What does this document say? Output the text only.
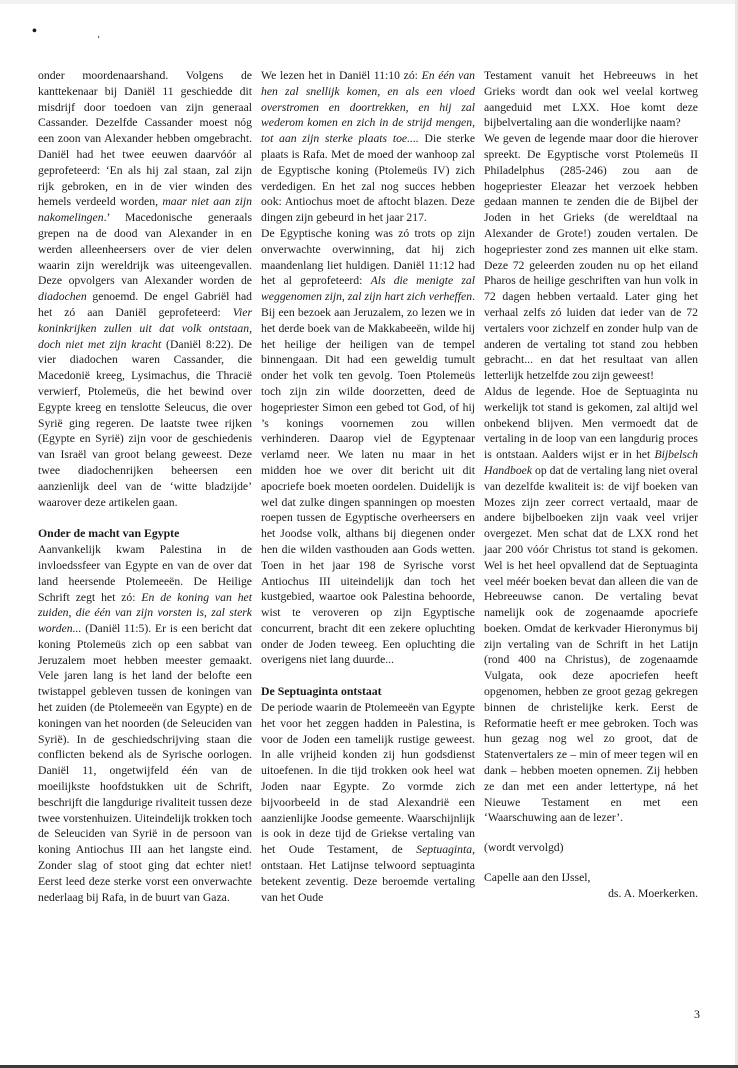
• ˌ

onder moordenaarshand. Volgens de kanttekenaar bij Daniël 11 geschiedde dit misdrijf door toedoen van zijn generaal Cassander. Dezelfde Cassander moest nóg een zoon van Alexander hebben omgebracht. Daniël had het twee eeuwen daarvóór al geprofeteerd: ‘En als hij zal staan, zal zijn rijk gebroken, en in de vier winden des hemels verdeeld worden, maar niet aan zijn nakomelingen.’ Macedonische generaals grepen na de dood van Alexander in en werden alleenheersers over de vier delen waarin zijn wereldrijk was uiteengevallen. Deze opvolgers van Alexander worden de diadochen genoemd. De engel Gabriël had het zó aan Daniël geprofeteerd: Vier koninkrijken zullen uit dat volk ontstaan, doch niet met zijn kracht (Daniël 8:22). De vier diadochen waren Cassander, die Macedonië kreeg, Lysimachus, die Thracië verwierf, Ptolemeüs, die het bewind over Egypte kreeg en tenslotte Seleucus, die over Syrië ging regeren. De laatste twee rijken (Egypte en Syrië) zijn voor de geschiedenis van Israël van groot belang geweest. Deze twee diadochenrijken beheersen een aanzienlijk deel van de ‘witte bladzijde’ waarover deze artikelen gaan.

Onder de macht van Egypte

Aanvankelijk kwam Palestina in de invloedssfeer van Egypte en van de over dat land heersende Ptolemeeën. De Heilige Schrift zegt het zó: En de koning van het zuiden, die één van zijn vorsten is, zal sterk worden... (Daniël 11:5). Er is een bericht dat koning Ptolemeüs zich op een sabbat van Jeruzalem moet hebben meester gemaakt. Vele jaren lang is het land der belofte een twistappel gebleven tussen de koningen van het zuiden (de Ptolemeeën van Egypte) en de koningen van het noorden (de Seleuciden van Syrië). In de geschiedschrijving staan die conflicten bekend als de Syrische oorlogen. Daniël 11, ongetwijfeld één van de moeilijkste hoofdstukken uit de Schrift, beschrijft die langdurige rivaliteit tussen deze twee vorstenhuizen. Uiteindelijk trokken toch de Seleuciden van Syrië in de persoon van koning Antiochus III aan het langste eind. Zonder slag of stoot ging dat echter niet! Eerst leed deze sterke vorst een onverwachte nederlaag bij Rafa, in de buurt van Gaza.

We lezen het in Daniël 11:10 zó: En één van hen zal snellijk komen, en als een vloed overstromen en doortrekken, en hij zal wederom komen en zich in de strijd mengen, tot aan zijn sterke plaats toe.... Die sterke plaats is Rafa. Met de moed der wanhoop zal de Egyptische koning (Ptolemeüs IV) zich verdedigen. En het zal nog succes hebben ook: Antiochus moet de aftocht blazen. Deze dingen zijn gebeurd in het jaar 217.

De Egyptische koning was zó trots op zijn onverwachte overwinning, dat hij zich maandenlang liet huldigen. Daniël 11:12 had het al geprofeteerd: Als die menigte zal weggenomen zijn, zal zijn hart zich verheffen. Bij een bezoek aan Jeruzalem, zo lezen we in het derde boek van de Makkabeeën, wilde hij het heilige der heiligen van de tempel binnengaan. Dit had een geweldig tumult onder het volk ten gevolg. Toen Ptolemeüs toch zijn zin wilde doorzetten, deed de hogepriester Simon een gebed tot God, of hij ’s konings voornemen zou willen verhinderen. Daarop viel de Egyptenaar verlamd neer. We laten nu maar in het midden hoe we over dit bericht uit dit apocriefe boek moeten oordelen. Duidelijk is wel dat zulke dingen spanningen op moesten roepen tussen de Egyptische overheersers en het Joodse volk, althans bij diegenen onder hen die wilden vasthouden aan Gods wetten. Toen in het jaar 198 de Syrische vorst Antiochus III uiteindelijk dan toch het kustgebied, waartoe ook Palestina behoorde, wist te veroveren op zijn Egyptische concurrent, bracht dit een zekere opluchting onder de Joden teweeg. Een opluchting die overigens niet lang duurde...

De Septuaginta ontstaat

De periode waarin de Ptolemeeën van Egypte het voor het zeggen hadden in Palestina, is voor de Joden een tamelijk rustige geweest. In alle vrijheid konden zij hun godsdienst uitoefenen. In die tijd trokken ook heel wat Joden naar Egypte. Zo vormde zich bijvoorbeeld in de stad Alexandrië een aanzienlijke Joodse gemeente. Waarschijnlijk is ook in deze tijd de Griekse vertaling van het Oude Testament, de Septuaginta, ontstaan. Het Latijnse telwoord septuaginta betekent zeventig. Deze beroemde vertaling van het Oude

Testament vanuit het Hebreeuws in het Grieks wordt dan ook wel veelal kortweg aangeduid met LXX. Hoe komt deze bijbelvertaling aan die wonderlijke naam?

We geven de legende maar door die hierover spreekt. De Egyptische vorst Ptolemeüs II Philadelphus (285-246) zou aan de hogepriester Eleazar het verzoek hebben gedaan mannen te zenden die de Bijbel der Joden in het Grieks (de wereldtaal na Alexander de Grote!) zouden vertalen. De hogepriester zond zes mannen uit elke stam. Deze 72 geleerden zouden nu op het eiland Pharos de heilige geschriften van hun volk in 72 dagen hebben vertaald. Later ging het verhaal zelfs zó luiden dat ieder van de 72 vertalers voor zichzelf en zonder hulp van de anderen de vertaling tot stand zou hebben gebracht... en dat het resultaat van allen letterlijk hetzelfde zou zijn geweest!

Aldus de legende. Hoe de Septuaginta nu werkelijk tot stand is gekomen, zal altijd wel onbekend blijven. Men vermoedt dat de vertaling in de loop van een langdurig proces is ontstaan. Aalders wijst er in het Bijbelsch Handboek op dat de vertaling lang niet overal van dezelfde kwaliteit is: de vijf boeken van Mozes zijn zeer correct vertaald, maar de andere bijbelboeken zijn vaak veel vrijer overgezet. Men schat dat de LXX rond het jaar 200 vóór Christus tot stand is gekomen. Wel is het heel opvallend dat de Septuaginta veel méér boeken bevat dan alleen die van de Hebreeuwse canon. De vertaling bevat namelijk ook de zogenaamde apocriefe boeken. Omdat de kerkvader Hieronymus bij zijn vertaling van de Schrift in het Latijn (rond 400 na Christus), de zogenaamde Vulgata, ook deze apocriefen heeft opgenomen, hebben ze groot gezag gekregen binnen de christelijke kerk. Eerst de Reformatie heeft er mee gebroken. Toch was hun gezag nog wel zo groot, dat de Statenvertalers ze – min of meer tegen wil en dank – hebben moeten opnemen. Zij hebben ze dan met een ander lettertype, ná het Nieuwe Testament en met een ‘Waarschuwing aan de lezer’.

(wordt vervolgd)

Capelle aan den IJssel,

ds. A. Moerkerken.

3
